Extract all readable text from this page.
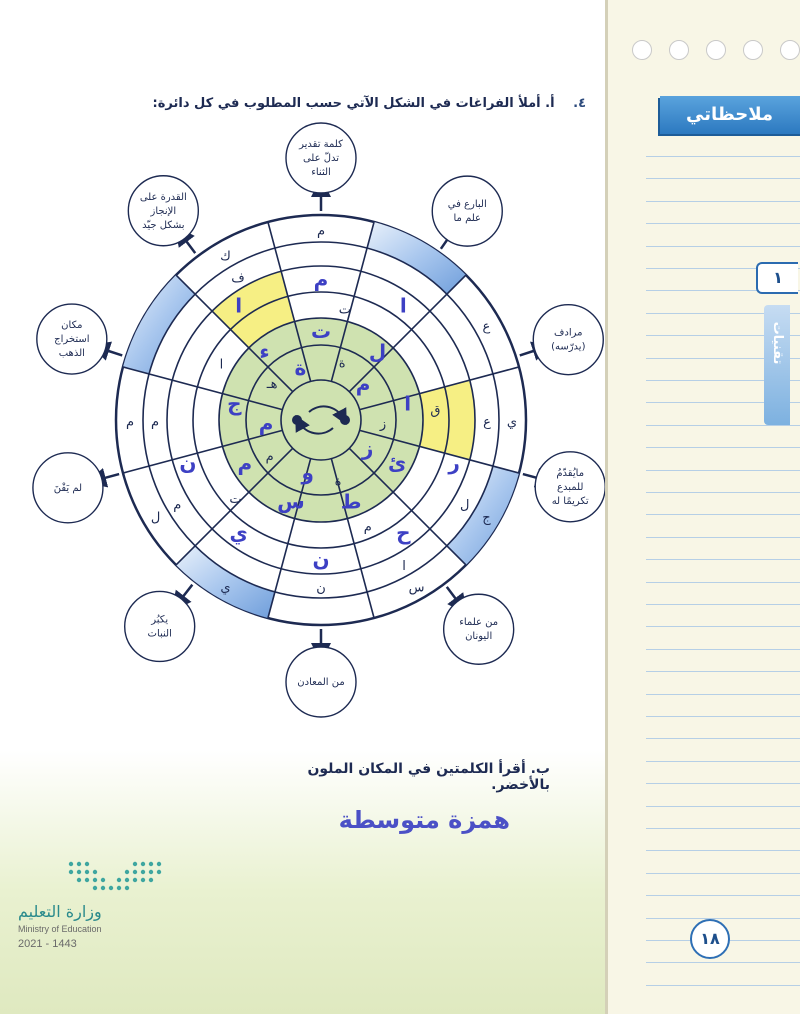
٤. أ. أملأ الفراغات في الشكل الآتي حسب المطلوب في كل دائرة:
م
ع
ي
ج
س
ي
ل
م
ك
ع
ل
ا
ن
م
م
ف	م
ا
ر
ح
ن
ي
ن
ا	ت
ق
م
ت
ا
ت
ل
ا
ئ
ط
س
م
ج
ء
ة
ز
ة
م
هـ
ة
م
ز
و
م
كلمة تقدير
تدلّ على
الثناء
البارع في
علم ما
مرادف
(يدرّسه)
مايُقدّمُ
للمبدع
تكريمًا له
من علماء
اليونان
من المعادن
يكبُر
النبات
لم يَفْنَ
مكان
استخراج
الذهب
القدرة على
الإنجاز
بشكل جيّد
ب. أقرأ الكلمتين في المكان الملون بالأخضر.
همزة متوسطة
وزارة التعليم
Ministry of Education
2021 - 1443
ملاحظاتي
١
تقنيات
١٨
